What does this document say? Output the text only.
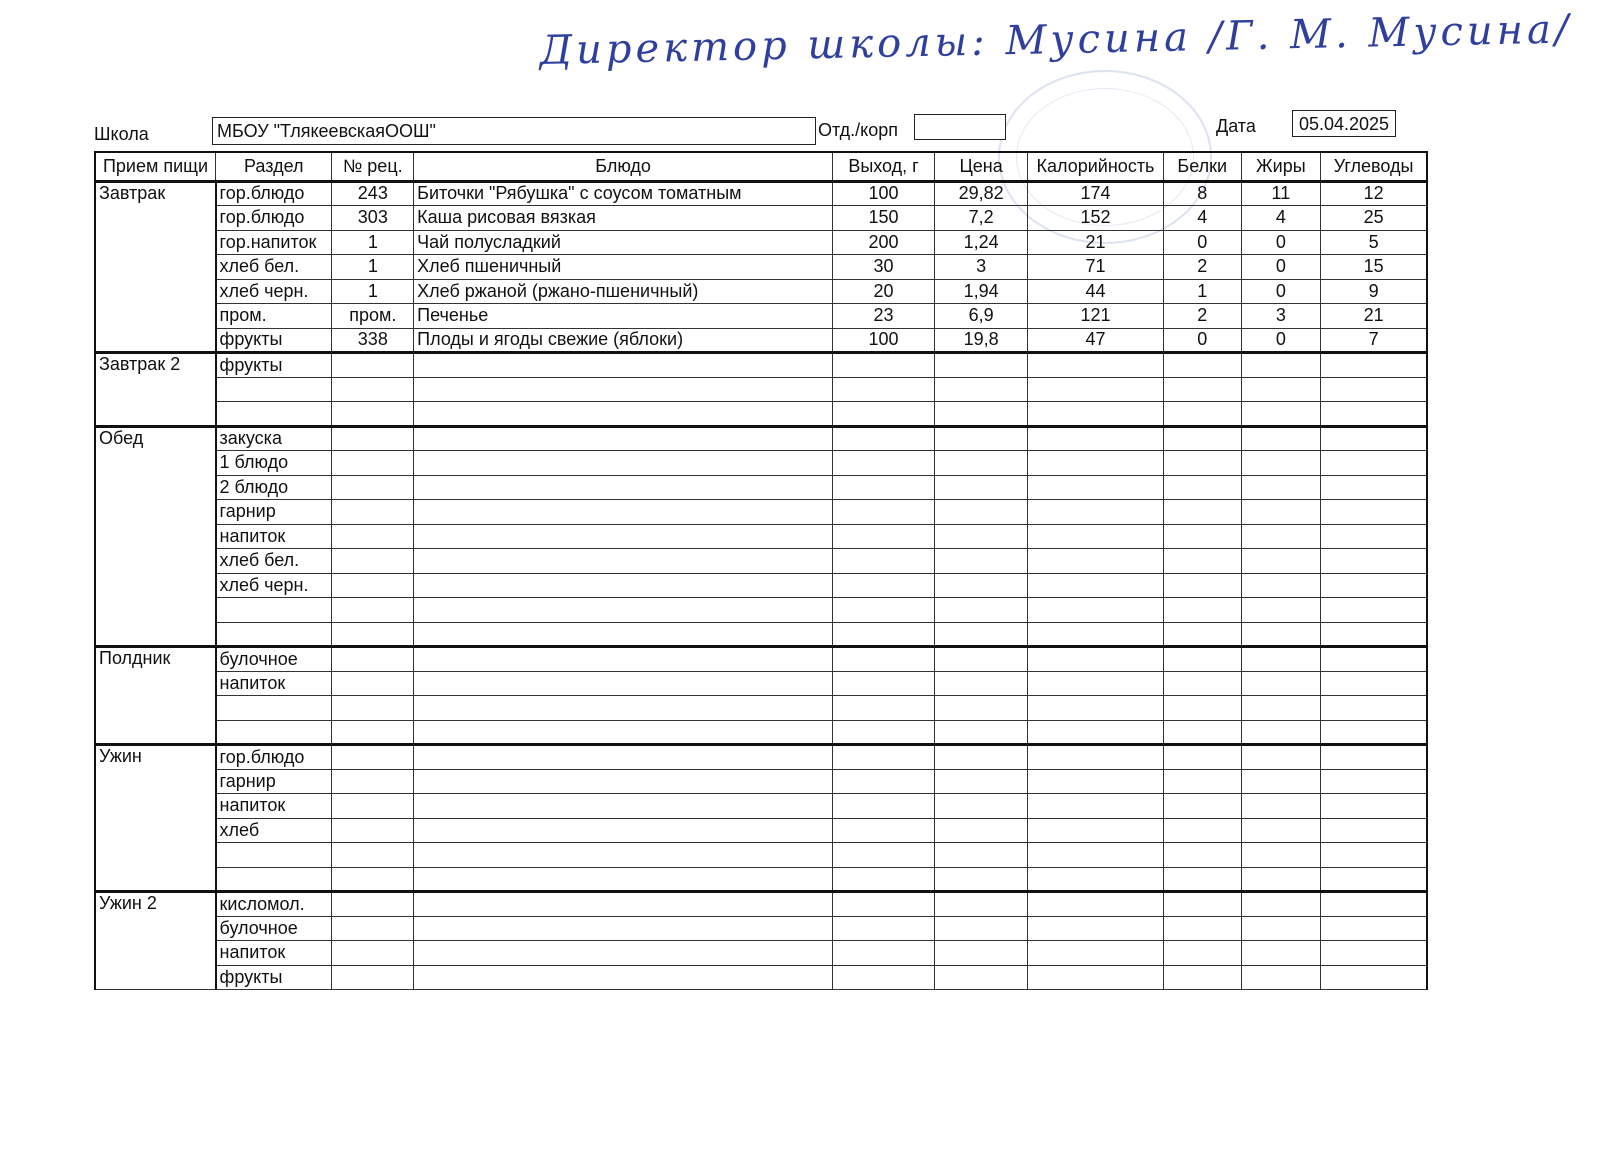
Директор школы: Мусина /Г. М. Мусина/
Школа	МБОУ "ТлякеевскаяООШ"	Отд./корп	Дата	05.04.2025
Прием пищи	Раздел	№ рец.	Блюдо	Выход, г	Цена	Калорийность	Белки	Жиры	Углеводы
Завтрак	гор.блюдо	243	Биточки "Рябушка" с соусом томатным	100	29,82	174	8	11	12
	гор.блюдо	303	Каша рисовая вязкая	150	7,2	152	4	4	25
	гор.напиток	1	Чай полусладкий	200	1,24	21	0	0	5
	хлеб бел.	1	Хлеб пшеничный	30	3	71	2	0	15
	хлеб черн.	1	Хлеб ржаной (ржано-пшеничный)	20	1,94	44	1	0	9
	пром.	пром.	Печенье	23	6,9	121	2	3	21
	фрукты	338	Плоды и ягоды свежие (яблоки)	100	19,8	47	0	0	7
Завтрак 2	фрукты								

Обед	закуска								
	1 блюдо								
	2 блюдо								
	гарнир								
	напиток								
	хлеб бел.								
	хлеб черн.								

Полдник	булочное								
	напиток								

Ужин	гор.блюдо								
	гарнир								
	напиток								
	хлеб								

Ужин 2	кисломол.								
	булочное								
	напиток								
	фрукты								
